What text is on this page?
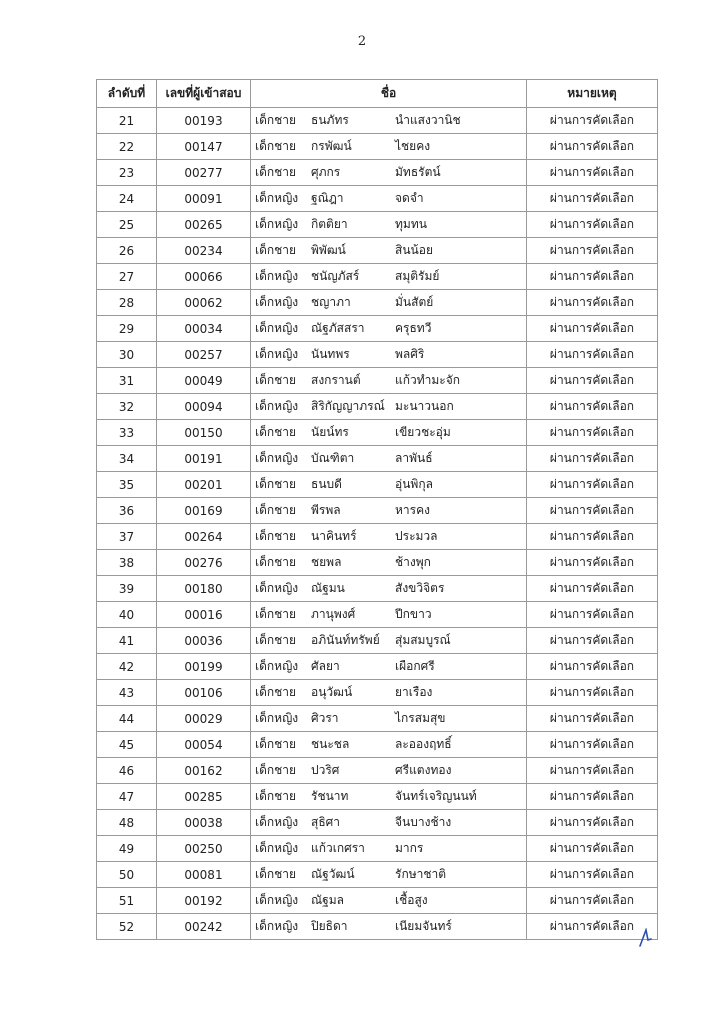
2
ลำดับที่	เลขที่ผู้เข้าสอบ	ชื่อ	หมายเหตุ
21	00193	เด็กชาย ธนภัทร นำแสงวานิช	ผ่านการคัดเลือก
22	00147	เด็กชาย กรพัฒน์ ไชยคง	ผ่านการคัดเลือก
23	00277	เด็กชาย ศุภกร มัทธรัตน์	ผ่านการคัดเลือก
24	00091	เด็กหญิง ฐณิฎา จดจำ	ผ่านการคัดเลือก
25	00265	เด็กหญิง กิตติยา ทุมทน	ผ่านการคัดเลือก
26	00234	เด็กชาย พิพัฒน์ สินน้อย	ผ่านการคัดเลือก
27	00066	เด็กหญิง ชนัญภัสร์ สมุติรัมย์	ผ่านการคัดเลือก
28	00062	เด็กหญิง ชญาภา มั่นสัตย์	ผ่านการคัดเลือก
29	00034	เด็กหญิง ณัฐภัสสรา ครุธทวี	ผ่านการคัดเลือก
30	00257	เด็กหญิง นันทพร พลศิริ	ผ่านการคัดเลือก
31	00049	เด็กชาย สงกรานต์ แก้วทำมะจัก	ผ่านการคัดเลือก
32	00094	เด็กหญิง สิริกัญญาภรณ์ มะนาวนอก	ผ่านการคัดเลือก
33	00150	เด็กชาย นัยน์ทร เขียวชะอุ่ม	ผ่านการคัดเลือก
34	00191	เด็กหญิง บัณฑิตา ลาพันธ์	ผ่านการคัดเลือก
35	00201	เด็กชาย ธนบดี อุ่นพิกุล	ผ่านการคัดเลือก
36	00169	เด็กชาย พีรพล หารคง	ผ่านการคัดเลือก
37	00264	เด็กชาย นาคินทร์ ประมวล	ผ่านการคัดเลือก
38	00276	เด็กชาย ชยพล ช้างพุก	ผ่านการคัดเลือก
39	00180	เด็กหญิง ณัฐมน สังขวิจิตร	ผ่านการคัดเลือก
40	00016	เด็กชาย ภานุพงศ์ ปีกขาว	ผ่านการคัดเลือก
41	00036	เด็กชาย อภินันท์ทรัพย์ สุ่มสมบูรณ์	ผ่านการคัดเลือก
42	00199	เด็กหญิง ศัลยา เผือกศรี	ผ่านการคัดเลือก
43	00106	เด็กชาย อนุวัฒน์ ยาเรือง	ผ่านการคัดเลือก
44	00029	เด็กหญิง ศิวรา ไกรสมสุข	ผ่านการคัดเลือก
45	00054	เด็กชาย ชนะชล ละอองฤทธิ์	ผ่านการคัดเลือก
46	00162	เด็กชาย ปวริศ ศรีแตงทอง	ผ่านการคัดเลือก
47	00285	เด็กชาย รัชนาท จันทร์เจริญนนท์	ผ่านการคัดเลือก
48	00038	เด็กหญิง สุธิศา จีนบางช้าง	ผ่านการคัดเลือก
49	00250	เด็กหญิง แก้วเกศรา มากร	ผ่านการคัดเลือก
50	00081	เด็กชาย ณัฐวัฒน์ รักษาชาติ	ผ่านการคัดเลือก
51	00192	เด็กหญิง ณัฐมล เชื้อสูง	ผ่านการคัดเลือก
52	00242	เด็กหญิง ปิยธิดา เนียมจันทร์	ผ่านการคัดเลือก
